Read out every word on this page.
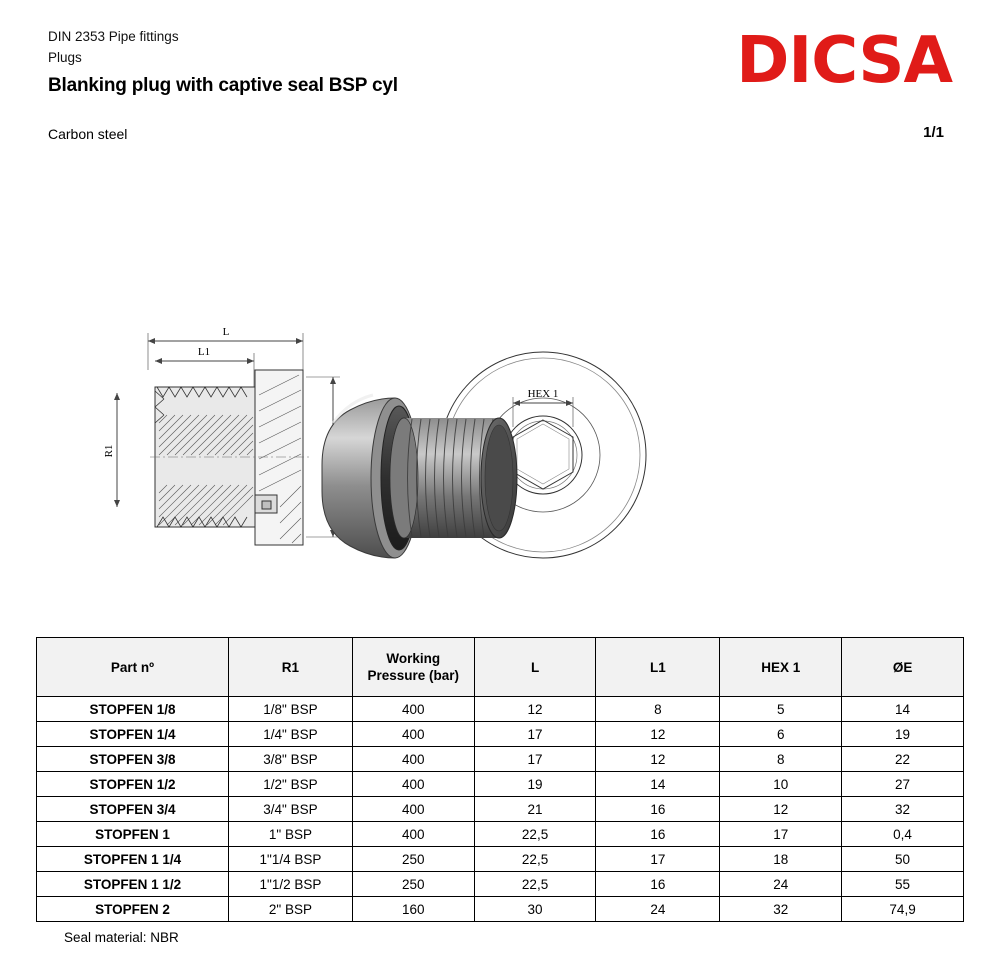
DIN 2353 Pipe fittings
Plugs
Blanking plug with captive seal BSP cyl
Carbon steel	1/1
DICSA
L
L1
R1
HEX 1
Part nº	R1	Working
Pressure (bar)	L	L1	HEX 1	ØE
STOPFEN 1/8	1/8" BSP	400	12	8	5	14
STOPFEN 1/4	1/4" BSP	400	17	12	6	19
STOPFEN 3/8	3/8" BSP	400	17	12	8	22
STOPFEN 1/2	1/2" BSP	400	19	14	10	27
STOPFEN 3/4	3/4" BSP	400	21	16	12	32
STOPFEN 1	1" BSP	400	22,5	16	17	0,4
STOPFEN 1 1/4	1"1/4 BSP	250	22,5	17	18	50
STOPFEN 1 1/2	1"1/2 BSP	250	22,5	16	24	55
STOPFEN 2	2" BSP	160	30	24	32	74,9
Seal material: NBR
